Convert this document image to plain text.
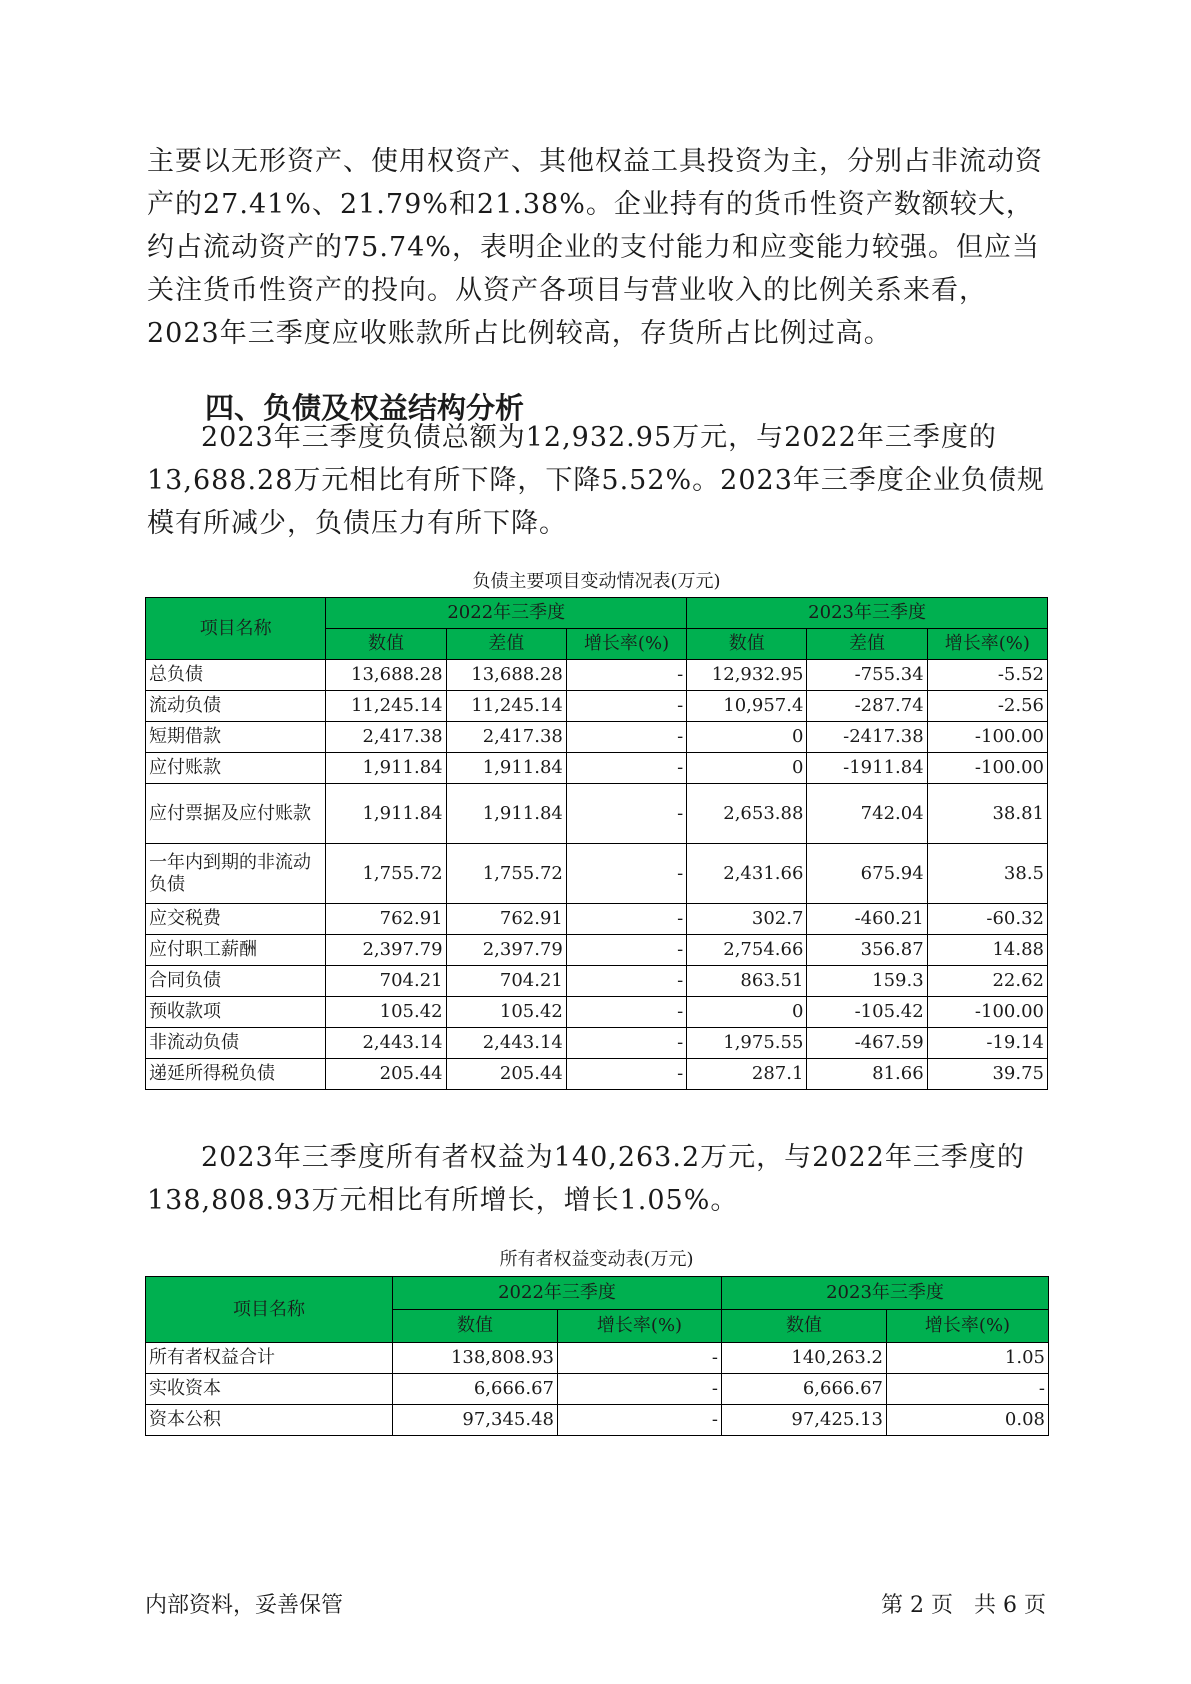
主要以无形资产、使用权资产、其他权益工具投资为主，分别占非流动资产的27.41%、21.79%和21.38%。企业持有的货币性资产数额较大，约占流动资产的75.74%，表明企业的支付能力和应变能力较强。但应当关注货币性资产的投向。从资产各项目与营业收入的比例关系来看，2023年三季度应收账款所占比例较高，存货所占比例过高。

四、负债及权益结构分析

2023年三季度负债总额为12,932.95万元，与2022年三季度的13,688.28万元相比有所下降，下降5.52%。2023年三季度企业负债规模有所减少，负债压力有所下降。

负债主要项目变动情况表(万元)

项目名称	2022年三季度			2023年三季度		
	数值	差值	增长率(%)	数值	差值	增长率(%)
总负债	13,688.28	13,688.28	-	12,932.95	-755.34	-5.52
流动负债	11,245.14	11,245.14	-	10,957.4	-287.74	-2.56
短期借款	2,417.38	2,417.38	-	0	-2417.38	-100.00
应付账款	1,911.84	1,911.84	-	0	-1911.84	-100.00
应付票据及应付账款	1,911.84	1,911.84	-	2,653.88	742.04	38.81
一年内到期的非流动负债	1,755.72	1,755.72	-	2,431.66	675.94	38.5
应交税费	762.91	762.91	-	302.7	-460.21	-60.32
应付职工薪酬	2,397.79	2,397.79	-	2,754.66	356.87	14.88
合同负债	704.21	704.21	-	863.51	159.3	22.62
预收款项	105.42	105.42	-	0	-105.42	-100.00
非流动负债	2,443.14	2,443.14	-	1,975.55	-467.59	-19.14
递延所得税负债	205.44	205.44	-	287.1	81.66	39.75

2023年三季度所有者权益为140,263.2万元，与2022年三季度的138,808.93万元相比有所增长，增长1.05%。

所有者权益变动表(万元)

项目名称	2022年三季度		2023年三季度	
	数值	增长率(%)	数值	增长率(%)
所有者权益合计	138,808.93	-	140,263.2	1.05
实收资本	6,666.67	-	6,666.67	-
资本公积	97,345.48	-	97,425.13	0.08

内部资料，妥善保管	第 2 页   共 6 页
